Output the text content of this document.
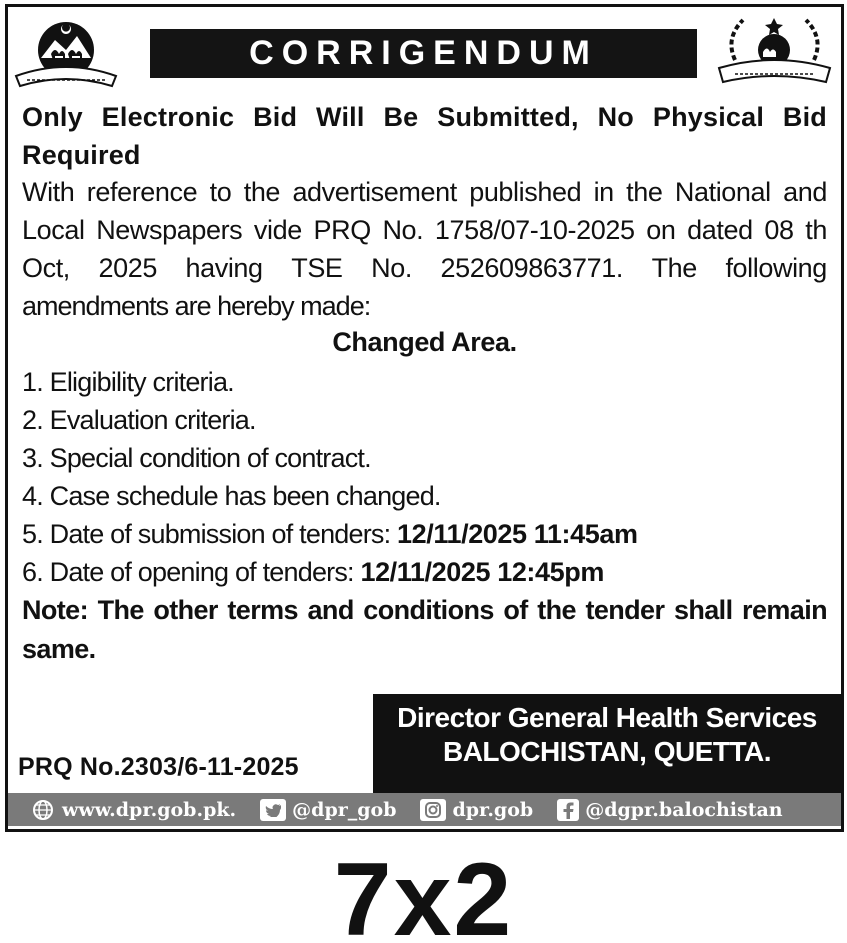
CORRIGENDUM
Only Electronic Bid Will Be Submitted, No Physical Bid
Required
With reference to the advertisement published in the National and
Local Newspapers vide PRQ No. 1758/07-10-2025 on dated 08 th
Oct, 2025 having TSE No. 252609863771. The following
amendments are hereby made:
Changed Area.
1. Eligibility criteria.
2. Evaluation criteria.
3. Special condition of contract.
4. Case schedule has been changed.
5. Date of submission of tenders: 12/11/2025 11:45am
6. Date of opening of tenders: 12/11/2025 12:45pm
Note: The other terms and conditions of the tender shall remain
same.
PRQ No.2303/6-11-2025
Director General Health Services
BALOCHISTAN, QUETTA.
www.dpr.gob.pk.	@dpr_gob	dpr.gob	@dgpr.balochistan
7x2
